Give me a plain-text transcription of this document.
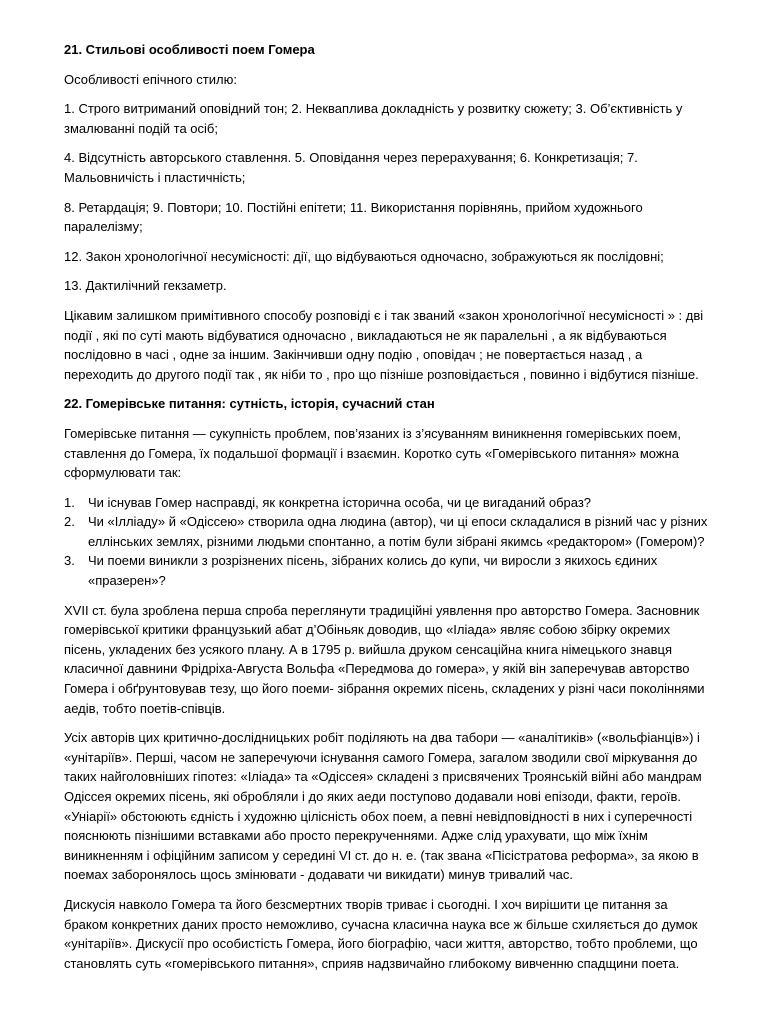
21. Стильові особливості поем Гомера

Особливості епічного стилю:

1. Строго витриманий оповідний тон; 2. Неквапливa докладність у розвитку сюжету; 3. Об’єктивність у змалюванні подій та осіб;

4. Відсутність авторського ставлення. 5. Оповідання через перерахування; 6. Конкретизація; 7. Мальовничість і пластичність;

8. Ретардація; 9. Повтори; 10. Постійні епітети; 11. Використання порівнянь, прийом художнього паралелізму;

12. Закон хронологічної несумісності: дії, що відбуваються одночасно, зображуються як послідовні;

13. Дактилічний гекзаметр.

Цікавим залишком примітивного способу розповіді є і так званий «закон хронологічної несумісності » : дві події , які по суті мають відбуватися одночасно , викладаються не як паралельні , а як відбуваються послідовно в часі , одне за іншим. Закінчивши одну подію , оповідач ; не повертається назад , а переходить до другого події так , як ніби то , про що пізніше розповідається , повинно і відбутися пізніше.

22. Гомерівське питання: сутність, історія, сучасний стан

Гомерівське питання — сукупність проблем, пов’язаних із з’ясуванням виникнення гомерівських поем, ставлення до Гомера, їх подальшої формації і взаємин. Коротко суть «Гомерівського питання» можна сформулювати так:

1. Чи існував Гомер насправді, як конкретна історична особа, чи це вигаданий образ?
2. Чи «Іллiаду» й «Одіссею» створила одна людина (автор), чи ці епоси складалися в різний час у різних еллінських землях, різними людьми спонтанно, а потім були зібрані якимсь «редактором» (Гомером)?
3. Чи поеми виникли з розрізнених пісень, зібраних колись до купи, чи виросли з якихось єдиних «празерен»?

XVII ст. була зроблена перша спроба переглянути традиційні уявлення про авторство Гомера. Засновник гомерівської критики французький абат д’Обіньяк доводив, що «Іліада» являє собою збірку окремих пісень, укладених без усякого плану. А в 1795 р. вийшла друком сенсаційна книга німецького знавця класичної давнини Фрідріха-Августа Вольфа «Передмова до гомера», у якій він заперечував авторство Гомера і обґрунтовував тезу, що його поеми- зібрання окремих пісень, складених у різні часи поколіннями аедів, тобто поетів-співців.

Усіх авторів цих критично-дослідницьких робіт поділяють на два табори — «аналітиків» («вольфіанців») і «унітаріїв». Перші, часом не заперечуючи існування самого Гомера, загалом зводили свої міркування до таких найголовніших гіпотез: «Іліада» та «Одіссея» складені з присвячених Троянській війні або мандрам Одіссея окремих пісень, які обробляли і до яких аеди поступово додавали нові епізоди, факти, героїв. «Уніарії» обстоюють єдність і художню цілісність обох поем, а певні невідповідності в них і суперечності пояснюють пізнішими вставками або просто перекрученнями. Адже слід урахувати, що між їхнім виникненням і офіційним записом у середині VI ст. до н. е. (так звана «Пісістратова реформа», за якою в поемах заборонялось щось змінювати - додавати чи викидати) минув тривалий час.

Дискусія навколо Гомера та його безсмертних творів триває і сьогодні. І хоч вирішити це питання за браком конкретних даних просто неможливо, сучасна класична наука все ж більше схиляється до думок «унітаріїв». Дискусії про особистість Гомера, його біографію, часи життя, авторство, тобто проблеми, що становлять суть «гомерівського питання», сприяв надзвичайно глибокому вивченню спадщини поета.
